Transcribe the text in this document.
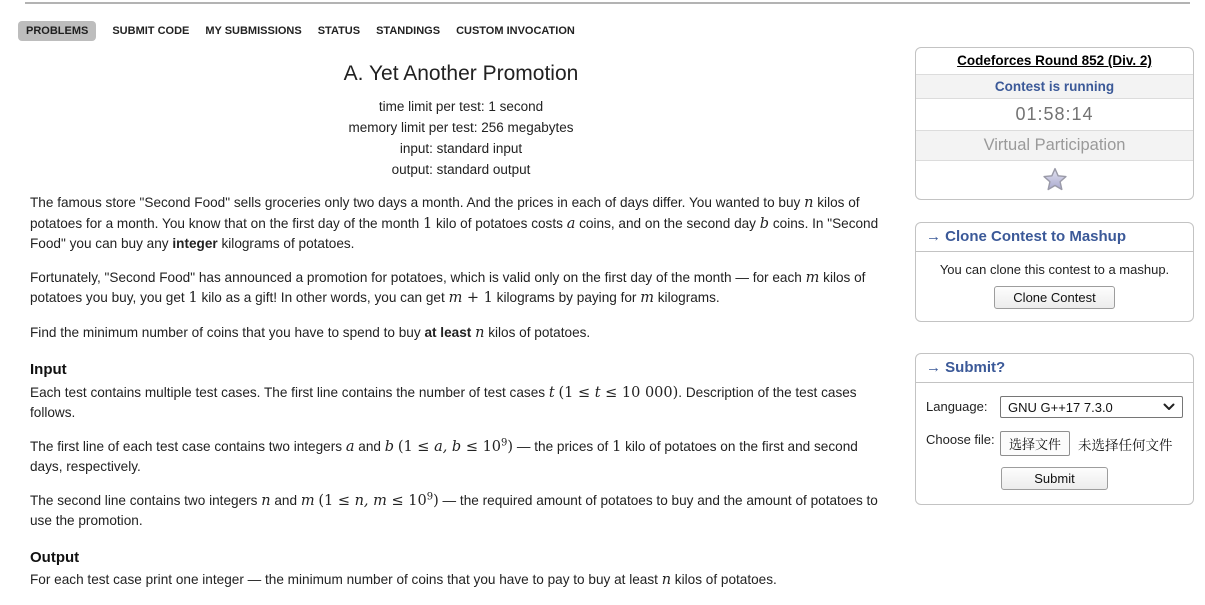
PROBLEMS	SUBMIT CODE MY SUBMISSIONS STATUS STANDINGS CUSTOM INVOCATION
A. Yet Another Promotion
time limit per test: 1 second
memory limit per test: 256 megabytes
input: standard input
output: standard output
The famous store "Second Food" sells groceries only two days a month. And the prices in each of days differ. You wanted to buy n kilos of potatoes for a month. You know that on the first day of the month 1 kilo of potatoes costs a coins, and on the second day b coins. In "Second Food" you can buy any integer kilograms of potatoes.
Fortunately, "Second Food" has announced a promotion for potatoes, which is valid only on the first day of the month — for each m kilos of potatoes you buy, you get 1 kilo as a gift! In other words, you can get m + 1 kilograms by paying for m kilograms.
Find the minimum number of coins that you have to spend to buy at least n kilos of potatoes.
Input
Each test contains multiple test cases. The first line contains the number of test cases t (1 ≤ t ≤ 10 000). Description of the test cases follows.
The first line of each test case contains two integers a and b (1 ≤ a, $b \le 10^9$) — the prices of 1 kilo of potatoes on the first and second days, respectively.
The second line contains two integers n and m (1 ≤ n, $m \le 10^9$) — the required amount of potatoes to buy and the amount of potatoes to use the promotion.
Output
For each test case print one integer — the minimum number of coins that you have to pay to buy at least n kilos of potatoes.
Codeforces Round 852 (Div. 2)
Contest is running
01:58:14
Virtual Participation
→ Clone Contest to Mashup
You can clone this contest to a mashup.
Clone Contest
→ Submit?
Language:	GNU G++17 7.3.0
Choose file:	选择文件	未选择任何文件
Submit
